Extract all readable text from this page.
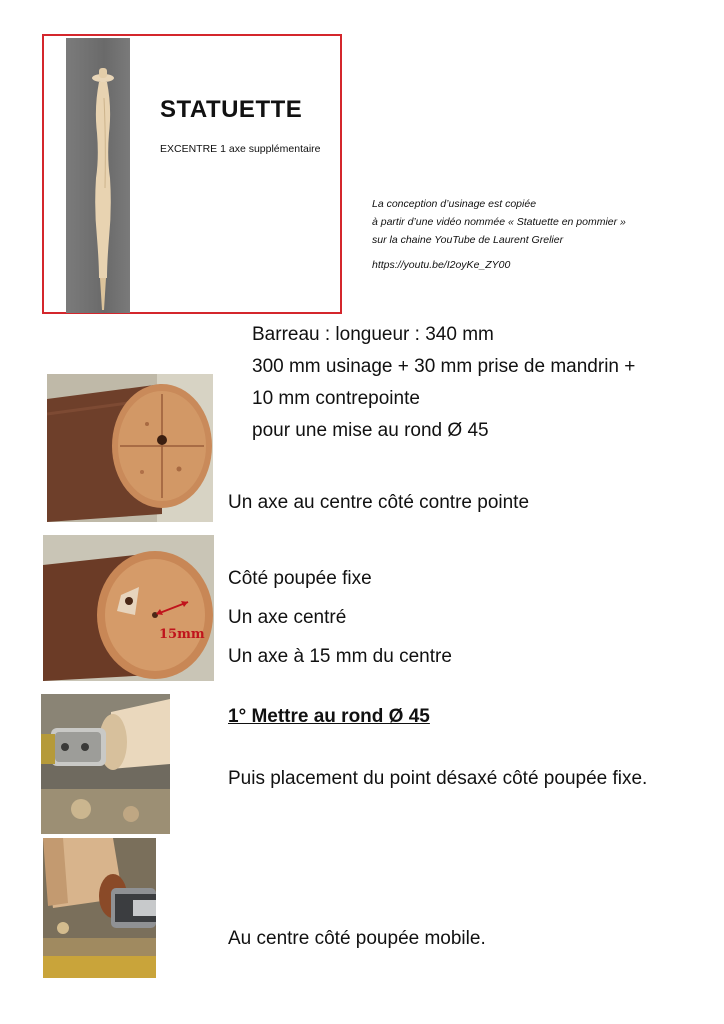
STATUETTE
EXCENTRE 1 axe supplémentaire
La conception d’usinage est copiée
à partir d’une vidéo nommée « Statuette en pommier »
sur la chaine YouTube de Laurent Grelier
https://youtu.be/I2oyKe_ZY00
Barreau : longueur : 340 mm
300 mm usinage + 30 mm prise de mandrin +
10 mm contrepointe
pour une mise au rond Ø 45
Un axe au centre côté contre pointe
15mm
Côté poupée fixe
Un axe centré
Un axe à 15 mm du centre
1° Mettre au rond Ø 45
Puis placement du point désaxé côté poupée fixe.
Au centre côté poupée mobile.
